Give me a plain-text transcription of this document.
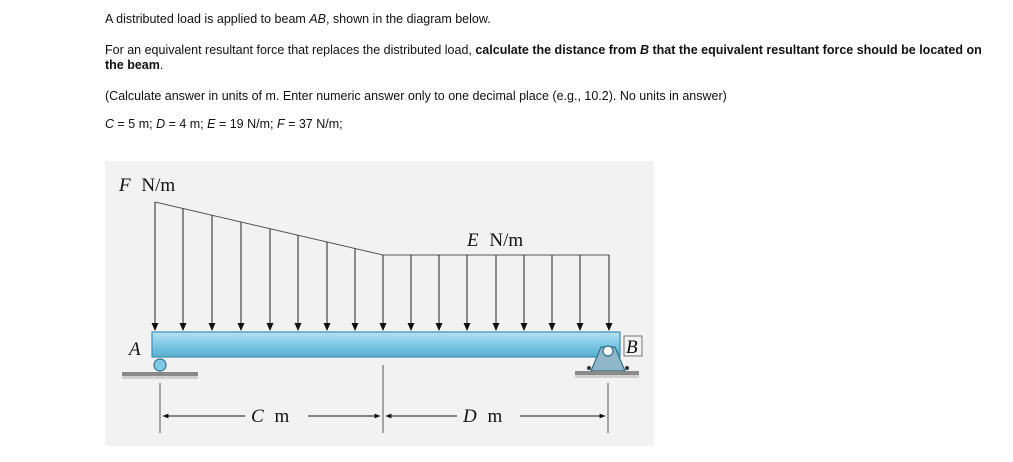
A distributed load is applied to beam AB, shown in the diagram below.
For an equivalent resultant force that replaces the distributed load, calculate the distance from B that the equivalent resultant force should be located on the beam.
(Calculate answer in units of m. Enter numeric answer only to one decimal place (e.g., 10.2). No units in answer)
C = 5 m; D = 4 m; E = 19 N/m; F = 37 N/m;
F N/m
E N/m
A	B
C m	D m
